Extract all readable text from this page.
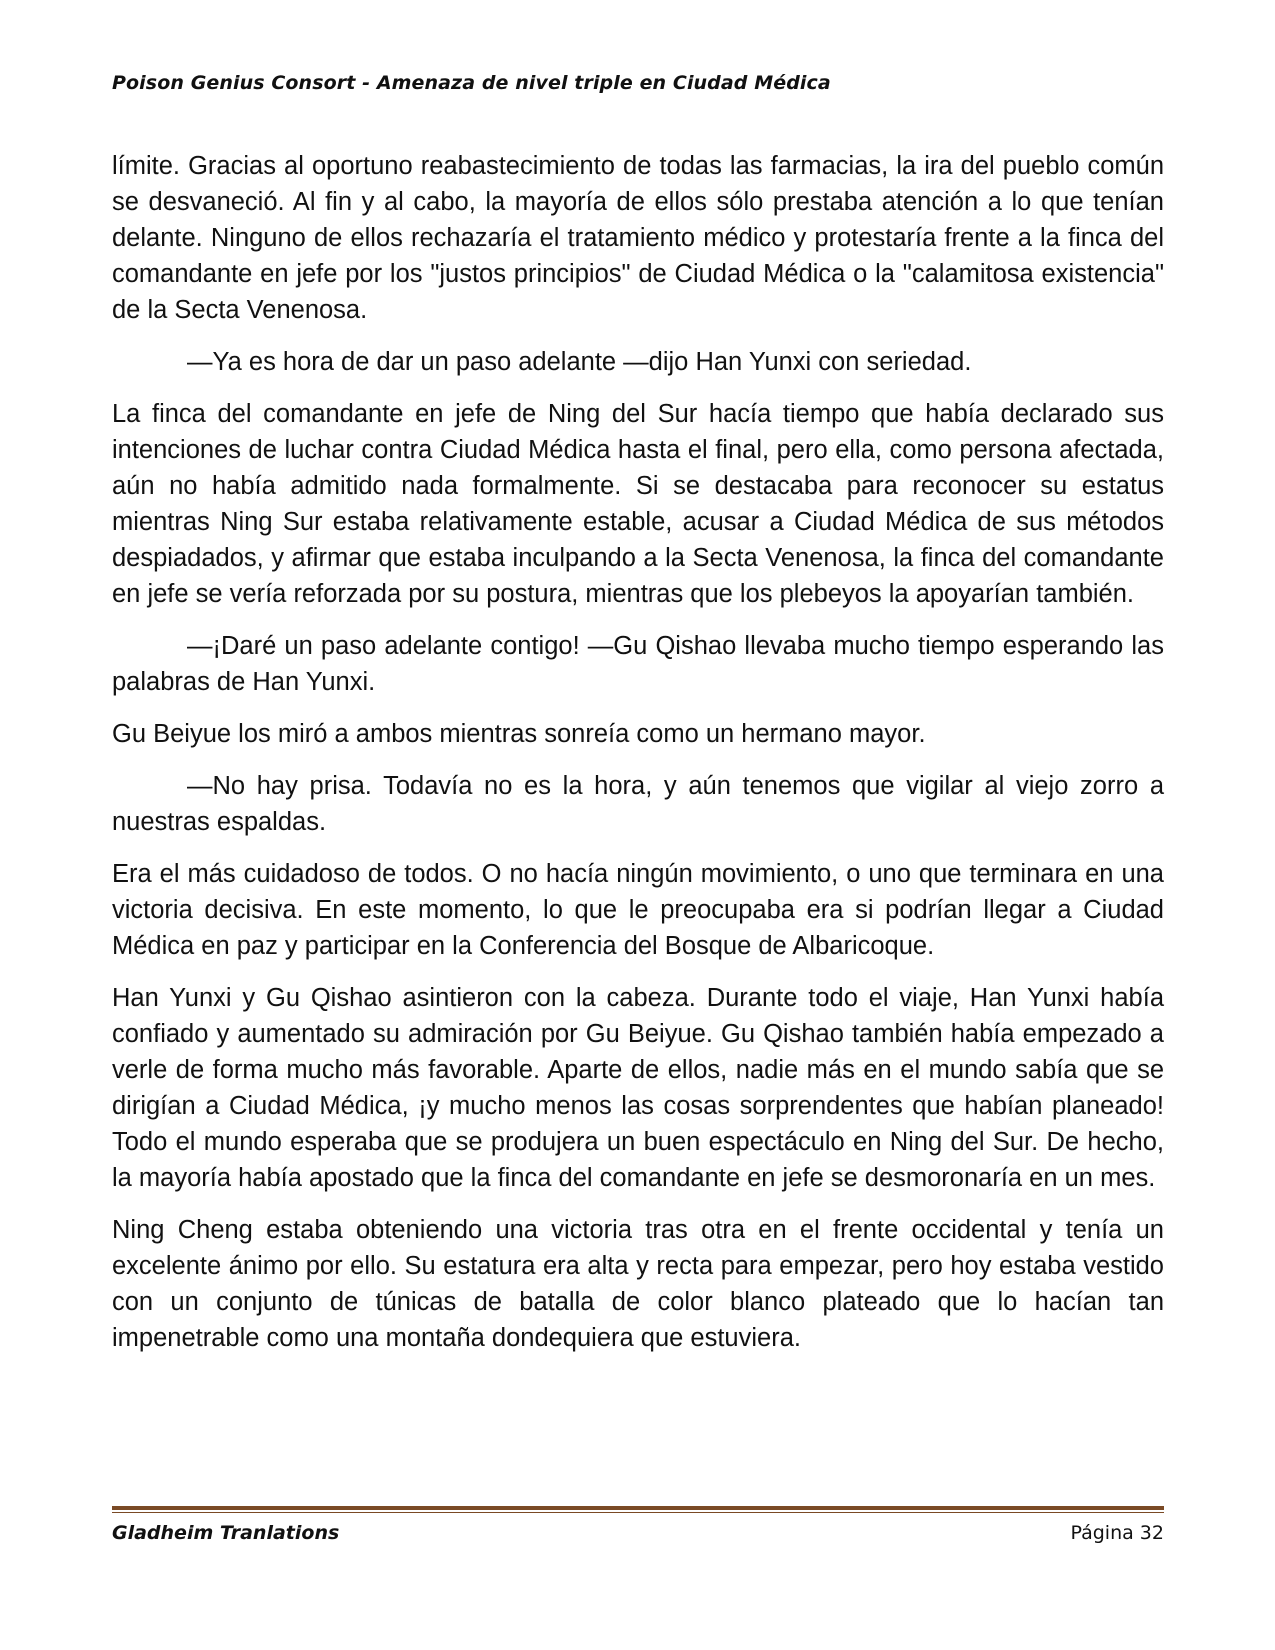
Poison Genius Consort - Amenaza de nivel triple en Ciudad Médica

límite. Gracias al oportuno reabastecimiento de todas las farmacias, la ira del pueblo común se desvaneció. Al fin y al cabo, la mayoría de ellos sólo prestaba atención a lo que tenían delante. Ninguno de ellos rechazaría el tratamiento médico y protestaría frente a la finca del comandante en jefe por los "justos principios" de Ciudad Médica o la "calamitosa existencia" de la Secta Venenosa.

—Ya es hora de dar un paso adelante —dijo Han Yunxi con seriedad.

La finca del comandante en jefe de Ning del Sur hacía tiempo que había declarado sus intenciones de luchar contra Ciudad Médica hasta el final, pero ella, como persona afectada, aún no había admitido nada formalmente. Si se destacaba para reconocer su estatus mientras Ning Sur estaba relativamente estable, acusar a Ciudad Médica de sus métodos despiadados, y afirmar que estaba inculpando a la Secta Venenosa, la finca del comandante en jefe se vería reforzada por su postura, mientras que los plebeyos la apoyarían también.

—¡Daré un paso adelante contigo! —Gu Qishao llevaba mucho tiempo esperando las palabras de Han Yunxi.

Gu Beiyue los miró a ambos mientras sonreía como un hermano mayor.

—No hay prisa. Todavía no es la hora, y aún tenemos que vigilar al viejo zorro a nuestras espaldas.

Era el más cuidadoso de todos. O no hacía ningún movimiento, o uno que terminara en una victoria decisiva. En este momento, lo que le preocupaba era si podrían llegar a Ciudad Médica en paz y participar en la Conferencia del Bosque de Albaricoque.

Han Yunxi y Gu Qishao asintieron con la cabeza. Durante todo el viaje, Han Yunxi había confiado y aumentado su admiración por Gu Beiyue. Gu Qishao también había empezado a verle de forma mucho más favorable. Aparte de ellos, nadie más en el mundo sabía que se dirigían a Ciudad Médica, ¡y mucho menos las cosas sorprendentes que habían planeado! Todo el mundo esperaba que se produjera un buen espectáculo en Ning del Sur. De hecho, la mayoría había apostado que la finca del comandante en jefe se desmoronaría en un mes.

Ning Cheng estaba obteniendo una victoria tras otra en el frente occidental y tenía un excelente ánimo por ello. Su estatura era alta y recta para empezar, pero hoy estaba vestido con un conjunto de túnicas de batalla de color blanco plateado que lo hacían tan impenetrable como una montaña dondequiera que estuviera.

Gladheim Tranlations	Página 32
